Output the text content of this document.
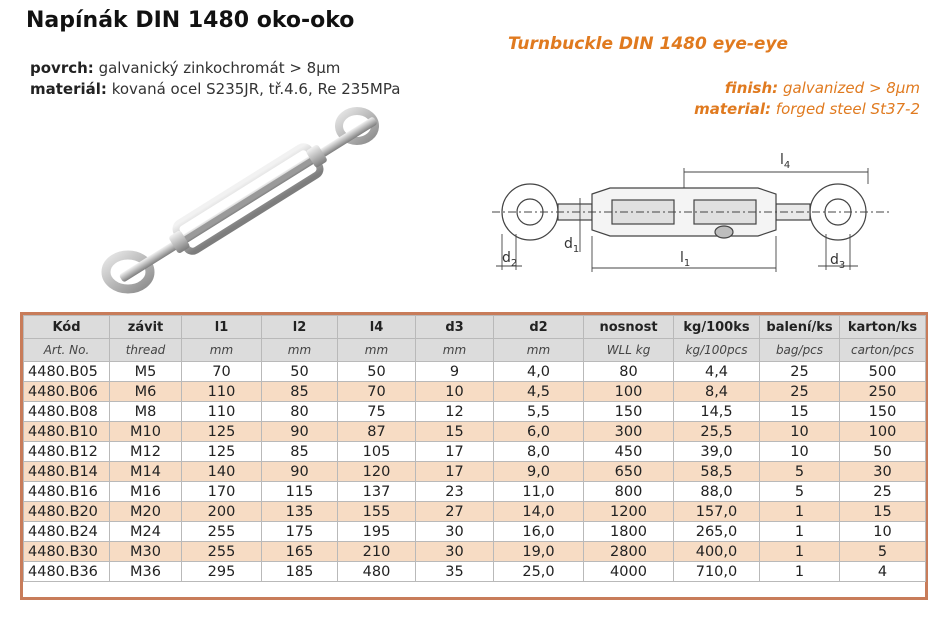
Napínák DIN 1480 oko-oko
povrch: galvanický zinkochromát > 8μm
materiál: kovaná ocel S235JR, tř.4.6, Re 235MPa
Turnbuckle DIN 1480 eye-eye
finish: galvanized > 8μm
material: forged steel St37-2
$l_4$
$l_1$
$d_2$	$d_3$
$d_1$
Kód	závit	l1	l2	l4	d3	d2	nosnost	kg/100ks	balení/ks	karton/ks
Art. No.	thread	mm	mm	mm	mm	mm	WLL kg	kg/100pcs	bag/pcs	carton/pcs
4480.B05	M5	70	50	50	9	4,0	80	4,4	25	500
4480.B06	M6	110	85	70	10	4,5	100	8,4	25	250
4480.B08	M8	110	80	75	12	5,5	150	14,5	15	150
4480.B10	M10	125	90	87	15	6,0	300	25,5	10	100
4480.B12	M12	125	85	105	17	8,0	450	39,0	10	50
4480.B14	M14	140	90	120	17	9,0	650	58,5	5	30
4480.B16	M16	170	115	137	23	11,0	800	88,0	5	25
4480.B20	M20	200	135	155	27	14,0	1200	157,0	1	15
4480.B24	M24	255	175	195	30	16,0	1800	265,0	1	10
4480.B30	M30	255	165	210	30	19,0	2800	400,0	1	5
4480.B36	M36	295	185	480	35	25,0	4000	710,0	1	4
